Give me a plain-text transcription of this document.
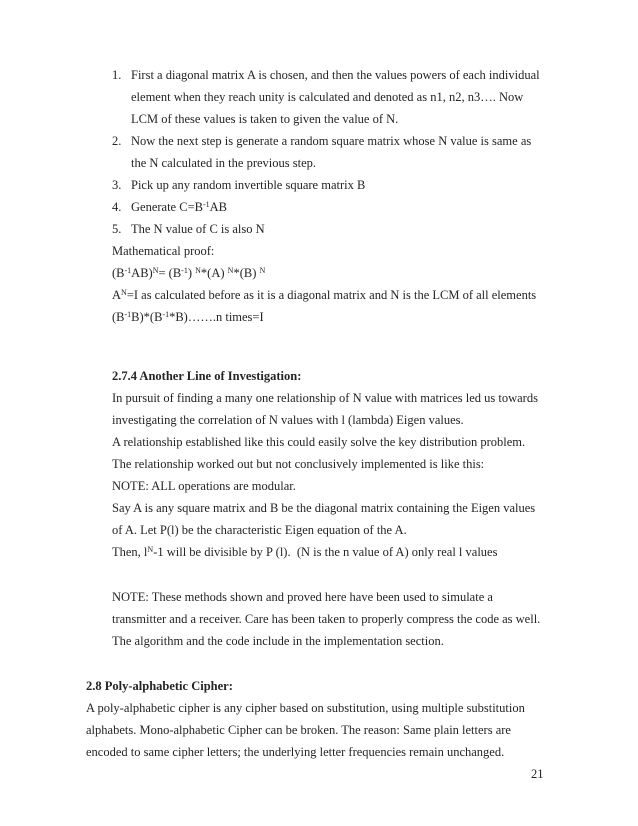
1. First a diagonal matrix A is chosen, and then the values powers of each individual
element when they reach unity is calculated and denoted as n1, n2, n3…. Now
LCM of these values is taken to given the value of N.
2. Now the next step is generate a random square matrix whose N value is same as
the N calculated in the previous step.
3. Pick up any random invertible square matrix B
4. Generate $C=B^{-1}AB$
5. The N value of C is also N
Mathematical proof:
$(B^{-1}AB)^N= (B^{-1})$ $^N$*(A) $^N$*(B) $^N$
$A^N=I$ as calculated before as it is a diagonal matrix and N is the LCM of all elements
$(B^{-1}B)*(B^{-1}*B)\dots\dots.n$ times=I
2.7.4 Another Line of Investigation:
In pursuit of finding a many one relationship of N value with matrices led us towards
investigating the correlation of N values with l (lambda) Eigen values.
A relationship established like this could easily solve the key distribution problem.
The relationship worked out but not conclusively implemented is like this:
NOTE: ALL operations are modular.
Say A is any square matrix and B be the diagonal matrix containing the Eigen values
of A. Let P(l) be the characteristic Eigen equation of the A.
Then, $l^N-1$ will be divisible by P (l).  (N is the n value of A) only real l values
NOTE: These methods shown and proved here have been used to simulate a
transmitter and a receiver. Care has been taken to properly compress the code as well.
The algorithm and the code include in the implementation section.
2.8 Poly-alphabetic Cipher:
A poly-alphabetic cipher is any cipher based on substitution, using multiple substitution
alphabets. Mono-alphabetic Cipher can be broken. The reason: Same plain letters are
encoded to same cipher letters; the underlying letter frequencies remain unchanged.
21
